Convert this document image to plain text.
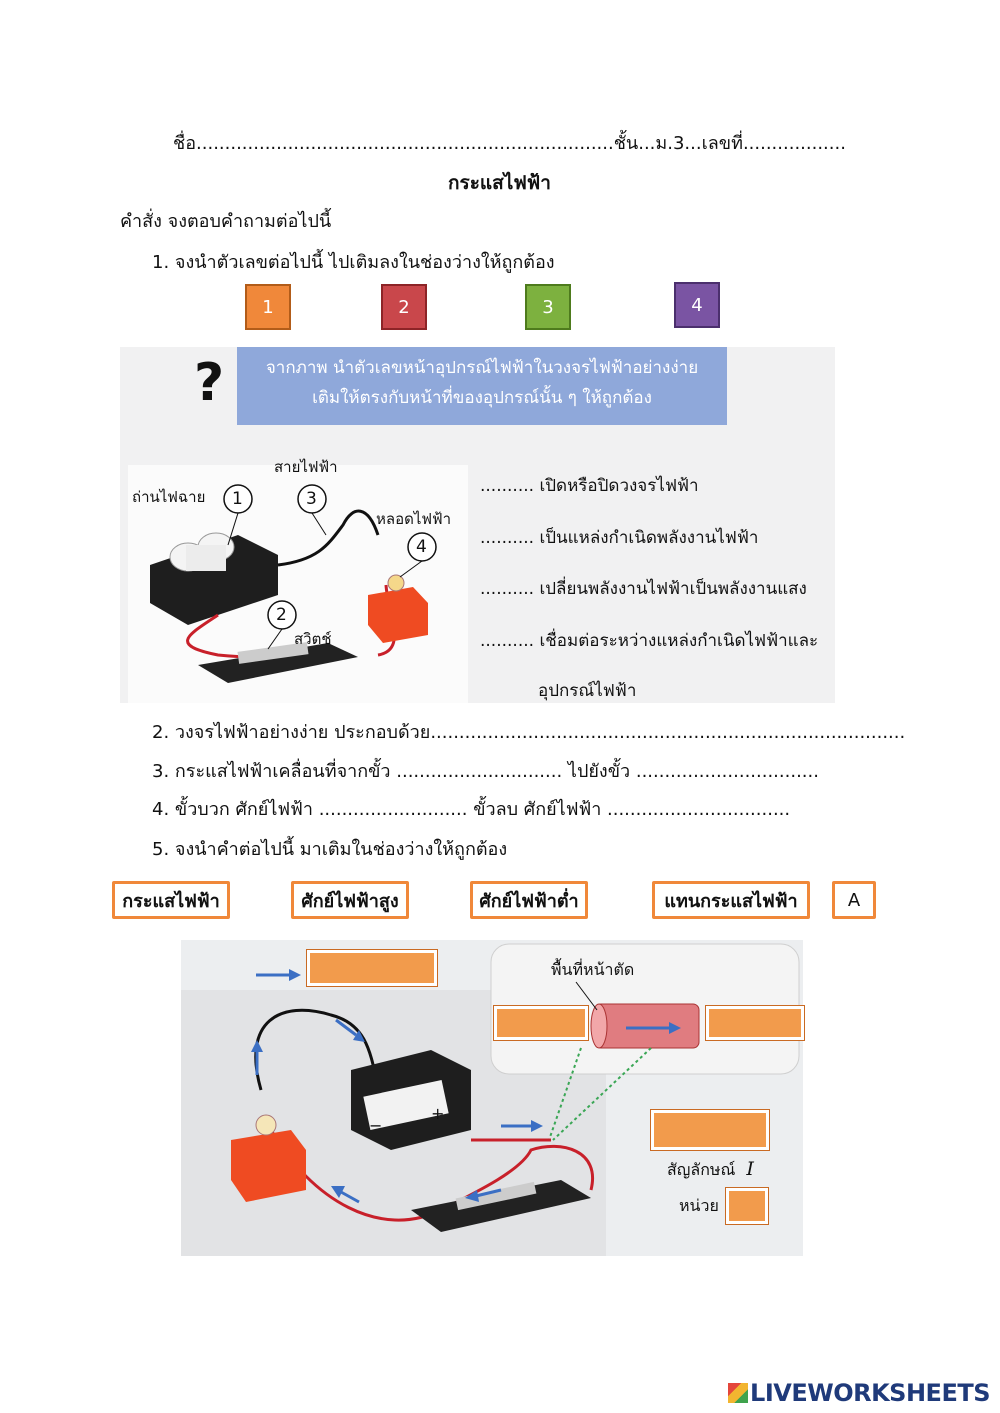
ชื่อ.........................................................................ชั้น...ม.3...เลขที่..................
กระแสไฟฟ้า
คำสั่ง จงตอบคำถามต่อไปนี้
1. จงนำตัวเลขต่อไปนี้ ไปเติมลงในช่องว่างให้ถูกต้อง
1	2	3	4
?	จากภาพ นำตัวเลขหน้าอุปกรณ์ไฟฟ้าในวงจรไฟฟ้าอย่างง่าย
เติมให้ตรงกับหน้าที่ของอุปกรณ์นั้น ๆ ให้ถูกต้อง
1	3
4
2
ถ่านไฟฉาย
สายไฟฟ้า
หลอดไฟฟ้า
สวิตช์
.......... เปิดหรือปิดวงจรไฟฟ้า
.......... เป็นแหล่งกำเนิดพลังงานไฟฟ้า
.......... เปลี่ยนพลังงานไฟฟ้าเป็นพลังงานแสง
.......... เชื่อมต่อระหว่างแหล่งกำเนิดไฟฟ้าและ
อุปกรณ์ไฟฟ้า
2. วงจรไฟฟ้าอย่างง่าย ประกอบด้วย...................................................................................
3. กระแสไฟฟ้าเคลื่อนที่จากขั้ว ............................. ไปยังขั้ว ................................
4. ขั้วบวก ศักย์ไฟฟ้า .......................... ขั้วลบ ศักย์ไฟฟ้า ................................
5. จงนำคำต่อไปนี้ มาเติมในช่องว่างให้ถูกต้อง
กระแสไฟฟ้า	ศักย์ไฟฟ้าสูง	ศักย์ไฟฟ้าต่ำ	แทนกระแสไฟฟ้า	A
−
+
พื้นที่หน้าตัด
สัญลักษณ์ I
หน่วย
LIVEWORKSHEETS
